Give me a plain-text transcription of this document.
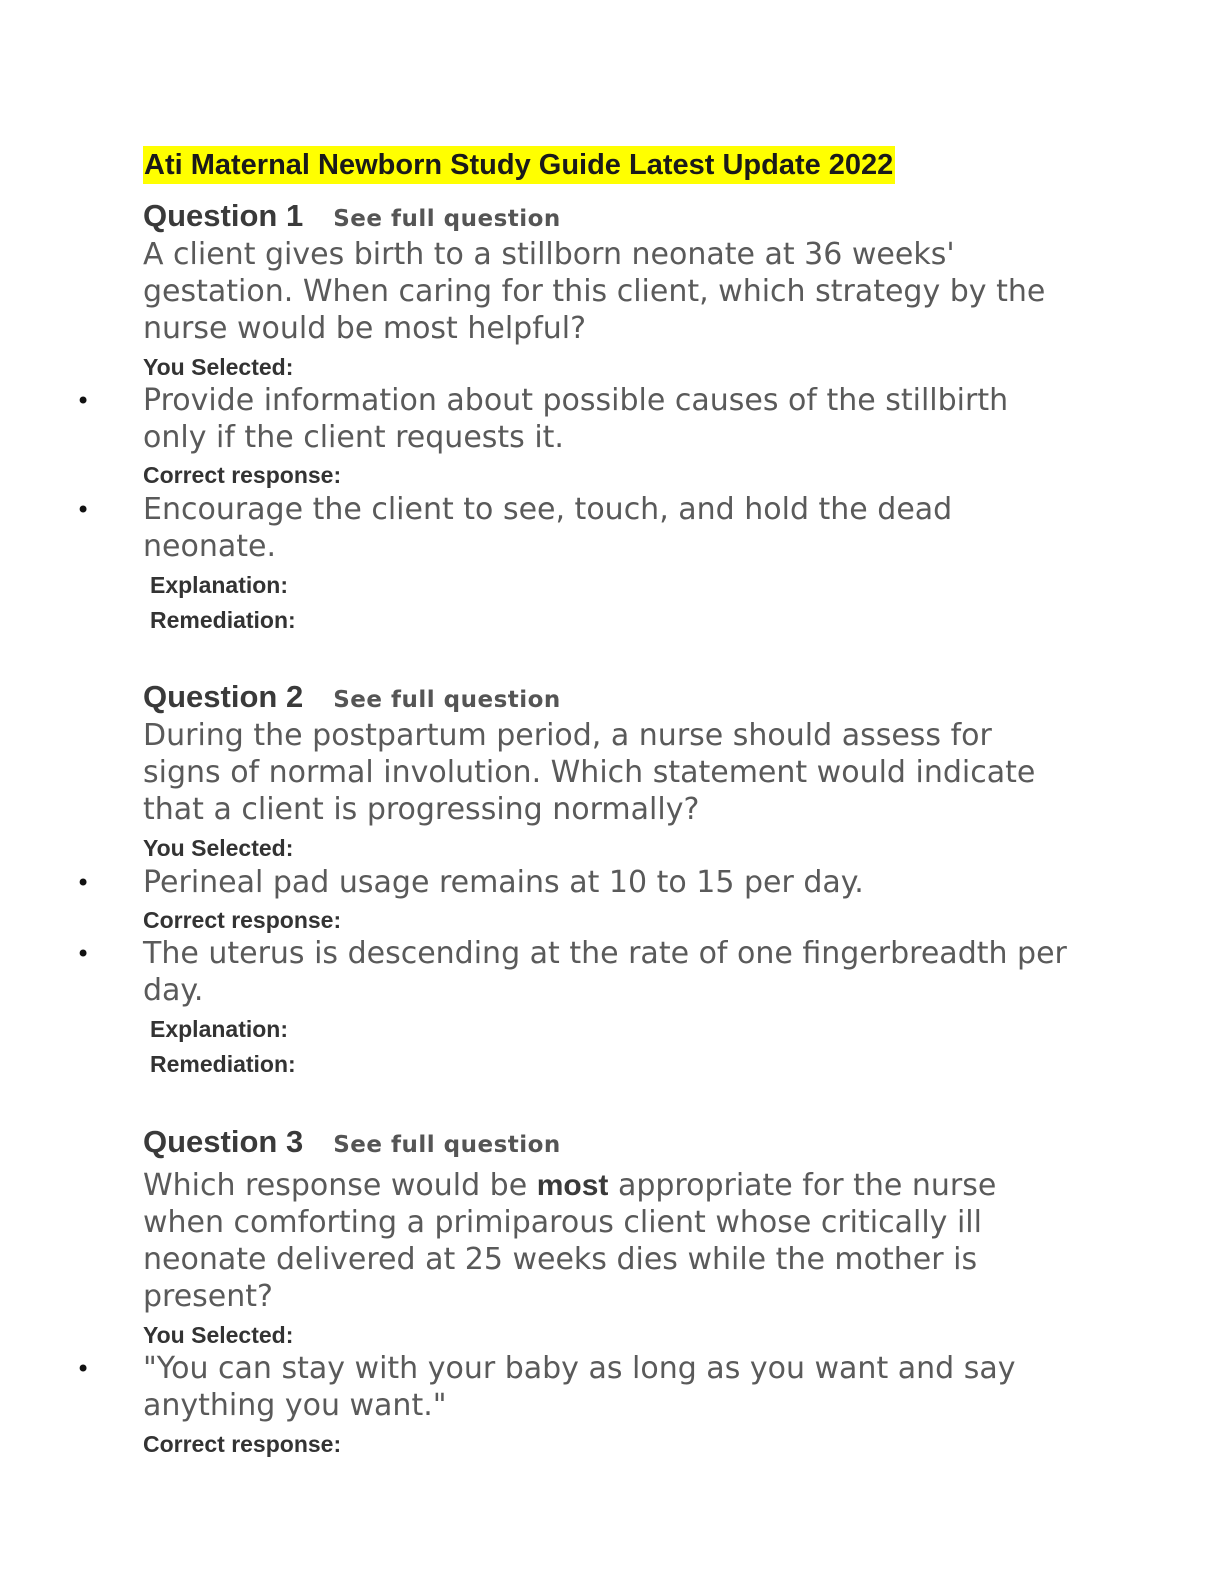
Ati Maternal Newborn Study Guide Latest Update 2022
Question 1 See full question
A client gives birth to a stillborn neonate at 36 weeks' gestation. When caring for this client, which strategy by the nurse would be most helpful?
You Selected:
• Provide information about possible causes of the stillbirth only if the client requests it.
Correct response:
• Encourage the client to see, touch, and hold the dead neonate.
Explanation:
Remediation:
Question 2 See full question
During the postpartum period, a nurse should assess for signs of normal involution. Which statement would indicate that a client is progressing normally?
You Selected:
• Perineal pad usage remains at 10 to 15 per day.
Correct response:
• The uterus is descending at the rate of one fingerbreadth per day.
Explanation:
Remediation:
Question 3 See full question
Which response would be most appropriate for the nurse when comforting a primiparous client whose critically ill neonate delivered at 25 weeks dies while the mother is present?
You Selected:
• "You can stay with your baby as long as you want and say anything you want."
Correct response:
